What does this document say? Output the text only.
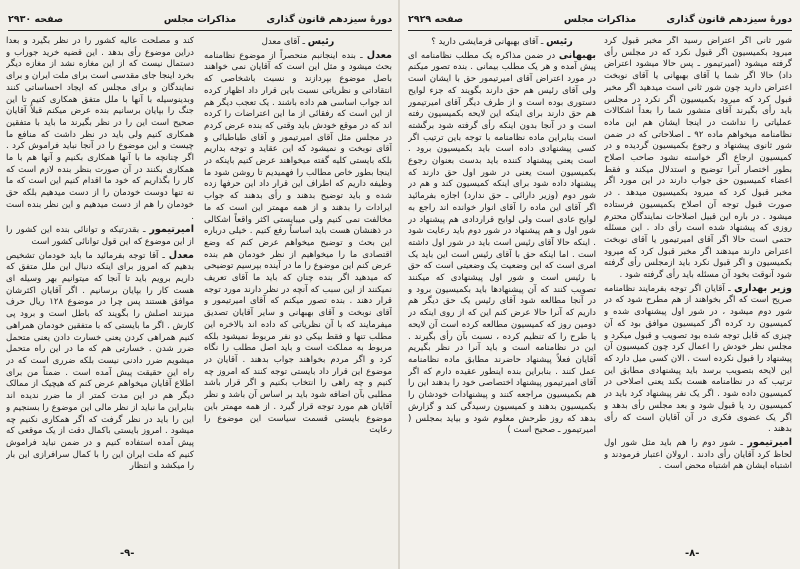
دورهٔ سیزدهم قانون گذاری
مذاکرات مجلس
صفحه ۲۹۳۰

رئیس ـ آقای معدل

معدل ـ بنده اینجانبم منحصراً از موضوع نظامنامه بحث میشود و مثل این است که آقایان نمی خواهند باصل موضوع بپردازند و نسبت باشخاصی که انتقاداتی و نظریاتی نسبت باین قرار داد اظهار کرده اند جواب اساسی هم داده باشند . یک تعجب دیگر هم از این است که رفقائی از ما این اعتراضات را کرده اند که در موقع خودش باید وقتی که بنده عرض کردم در مجلس مثل آقای امیرتیمور و آقای طباطبائی و آقای نوبخت و نمیشود که این عقاید و توجه بداریم بلکه بایستی کلیه گفته میخواهند عرض کنیم باینکه در اینجا بطور خاص مطالب را فهمیدیم تا روشن شود ما وظیفه داریم که اطراف این قرار داد این حرفها زده شده و باید توضیح بدهند و رأی بدهند که جواب ایرادات را بدهند و از همه مهمتر این است که ما مخالفت نمی کنیم ولی میبایستی اکثر واقعاً اشکالی در ذهنشان هست باید اساساً رفع کنیم . خیلی درباره این بحث و توضیح میخواهم عرض کنم که وضع اقتصادی ما را میخواهیم از نظر خودمان هم بنده عرض کنم این موضوع را ما در آینده بپرسیم توضیحی که میدهید اگر بنده چنان که باید ما آقای تعریف نمیکنند از این سبب که آنچه در نظر دارند مورد توجه قرار دهند . بنده تصور میکنم که آقای امیرتیمور و آقای نوبخت و آقای بهبهانی و سایر آقایان تصدیق میفرمایند که با آن نظریاتی که داده اند بالاخره این مطلب تنها و فقط بیکی دو نفر مربوط نمیشود بلکه مربوط به مملکت است و باید اصل مطلب را نگاه کرد و اگر مردم بخواهند جواب بدهند . آقایان در موضوع این قرار داد بایستی توجه کنند که امروز چه کنیم و چه راهی را انتخاب بکنیم و اگر قرار باشد مطلبی بآن اضافه شود باید بر اساس آن باشد و نظر آقایان هم مورد توجه قرار گیرد . از همه مهمتر باین موضوع بایستی قسمت سیاست این موضوع را رعایت

کند و مصلحت عالیه کشور را در نظر بگیرد و بعداً دراین موضوع رأی بدهد . این قضیه خرید جوراب و دستمال نیست که از این مغازه نشد از مغازه دیگر بخرد اینجا جای مقدسی است برای ملت ایران و برای نمایندگان و برای مجلس که ایجاد احساساتی کنند وبدینوسیله با آنها با ملل متفق همکاری کنیم تا این جنگ را بپایان برسانیم بنده عرض میکنم قبلاً آقایان صحیح است این را در نظر بگیرند ما باید با متفقین همکاری کنیم ولی باید در نظر داشت که منافع ما چیست و این موضوع را در آنجا نباید فراموش کرد . اگر چنانچه ما با آنها همکاری بکنیم و آنها هم با ما همکاری بکنند در آن صورت بنظر بنده لازم است که کار را بگذاریم که خود ما اقدام کنیم این است که ما نه تنها دوست خودمان را از دست میدهیم بلکه حق خودمان را هم از دست میدهیم و این نظر بنده است .

امیرتیمور ـ بقدرتیکه و توانائی بنده این کشور را از این موضوع که این قول توانائی کشور است

معدل ـ آقا توجه بفرمائید ما باید خودمان تشخیص بدهیم که امروز برای اینکه دنبال این ملل متفق که داریم برویم باید تا آنجا که میتوانیم بهر وسیله ای هست کار را بپایان برسانیم . اگر آقایان اکثرشان موافق هستند پس چرا در موضوع ۱۲۸ ریال حرف میزنند اصلش را بگویند که باطل است و برود پی کارش . اگر ما بایستی که با متفقین خودمان همراهی کنیم همراهی کردن یعنی خسارت دادن یعنی متحمل ضرر شدن . خسارتی هم که ما در این راه متحمل میشویم ضرر دادنی نیست بلکه ضرری است که در راه این حقیقت پیش آمده است . ضمناً من برای اطلاع آقایان میخواهم عرض کنم که هیچیک از ممالک دیگر هم در این مدت کمتر از ما ضرر ندیده اند بنابراین ما نباید از نظر مالی این موضوع را بسنجیم و این را باید در نظر گرفت که اگر همکاری نکنیم چه میشود . امروز بایستی باکمال دقت از یک موقعی که پیش آمده استفاده کنیم و در ضمن نباید فراموش کنیم که ملت ایران این را با کمال سرافرازی این بار را میکشد و انتظار

-۹-
دورهٔ سیزدهم قانون گذاری
مذاکرات مجلس
صفحه ۲۹۲۹

شور ثانی اگر اعتراض رسید اگر مخبر قبول کرد میرود بکمیسیون اگر قبول نکرد که در مجلس رأی گرفته میشود (امیرتیمور ـ پس حالا میشود اعتراض داد) حالا اگر شما یا آقای بهبهانی یا آقای نوبخت اعتراض دارید چون شور ثانی است میدهید اگر مخبر قبول کرد که میرود بکمیسیون اگر نکرد در مجلس باید رأی بگیرند آقای منشور شما را بعداً اشکالات عملیاتی را نداشت در اینجا ایشان هم این ماده نظامنامه میخواهم ماده ۹۲ ـ اصلاحاتی که در ضمن شور ثانوی پیشنهاد و رجوع بکمیسیون گردیده و در کمیسیون ارجاع اگر خواسته نشود صاحب اصلاح بطور اختصار آنرا توضیح و استدلال میکند و فقط اعضاء کمیسیون حق جواب دارند در این مورد اگر مخبر قبول کرد که میرود بکمیسیون میدهد . در صورت قبول توجه آن اصلاح بکمیسیون فرستاده میشود . در باره این قبیل اصلاحات نمایندگان محترم روزی که پیشنهاد شده است رأی داد . این مسئله حتمی است حالا اگر آقای امیرتیمور یا آقای نوبخت اعتراض دارند میدهند اگر مخبر قبول کرد که میرود بکمیسیون و اگر قبول نکرد باید ازمجلس رأی گرفته شود آنوقت بخود آن مسئله باید رأی گرفته شود .

وزیر بهداری ـ آقایان اگر توجه بفرمایند نظامنامه صریح است که اگر بخواهند از هم مطرح شود که در شور دوم میشود ، در شور اول پیشنهادی شده و کمیسیون رد کرده اگر کمیسیون موافق بود که آن چیزی که قابل توجه شده بود تصویب و قبول میکرد و مجلس نظر خودش را اعمال کرد چون کمیسیون آن پیشنهاد را قبول نکرده است . الان کسی میل دارد که این لایحه بتصویب برسد باید پیشنهادی مطابق این ترتیب که در نظامنامه هست بکند یعنی اصلاحی در کمیسیون داده شود . اگر یک نفر پیشنهاد کرد باید در کمیسیون رد یا قبول شود و بعد مجلس رأی بدهد و اگر یک عضوی فکری در آن آقایان است که رأی بدهند .

امیرتیمور ـ شور دوم را هم باید مثل شور اول لحاظ کرد آقایان رأی دادند . ارولان اعتبار فرمودند و اشتباه ایشان هم اشتباه محض است .

رئیس ـ آقای بهبهانی فرمایشی دارید ؟

بهبهانی در ضمن مذاکره یک مطلب نظامنامه ای پیش آمده و هر یک مطلب بیمانی . بنده تصور میکنم در مورد اعتراض آقای امیرتیمور حق با ایشان است ولی آقای رئیس هم حق دارند بگویند که جزء لوایح دستوری بوده است و از طرف دیگر آقای امیرتیمور هم حق دارند برای اینکه این لایحه بکمیسیون رفته است و در آنجا بدون اینکه رأی گرفته شود برگشته است بنابراین ماده نظامنامه با توجه باین ترتیب اگر کسی پیشنهادی داده است باید بکمیسیون برود . است یعنی پیشنهاد کننده باید بدست بعنوان رجوع بکمیسیون است یعنی در شور اول حق دارند که پیشنهاد داده شود برای اینکه کمیسیون کند و هم در شور دوم (وزیر دارائی ـ حق ندارد) اجازه بفرمائید اگر آقای این ماده را آقای انوار خوانده اند راجع به لوایح عادی است ولی لوایح قراردادی هم پیشنهاد در شور اول و هم پیشنهاد در شور دوم باید رعایت شود . اینکه حالا آقای رئیس است باید در شور اول داشته است . اما اینکه حق با آقای رئیس است این باید یک امری است که این وضعیت یک وضعیتی است که حق با رئیس است و شور اول پیشنهادی که میکنند تصویب کنند که آن پیشنهادها باید بکمیسیون برود و در آنجا مطالعه شود آقای رئیس یک حق دیگر هم داریم که آنرا حالا عرض کنم این که از روی اینکه در دومین روز که کمیسیون مطالعه کرده است آن لایحه یا طرح را که تنظیم کرده ، نسبت بآن رأی بگیرند . این در نظامنامه است و باید آنرا در نظر بگیریم آقایان فعلاً پیشنهاد حاضرند مطابق ماده نظامنامه عمل کنند . بنابراین بنده اینطور عقیده دارم که اگر آقای امیرتیمور پیشنهاد اختصاصی خود را بدهند این را هم بکمیسیون مراجعه کنند و پیشنهادات خودشان را بکمیسیون بدهند و کمیسیون رسیدگی کند و گزارش بدهد که روز طرحش معلوم شود و بیاید بمجلس ( امیرتیمور ـ صحیح است )

-۸-
